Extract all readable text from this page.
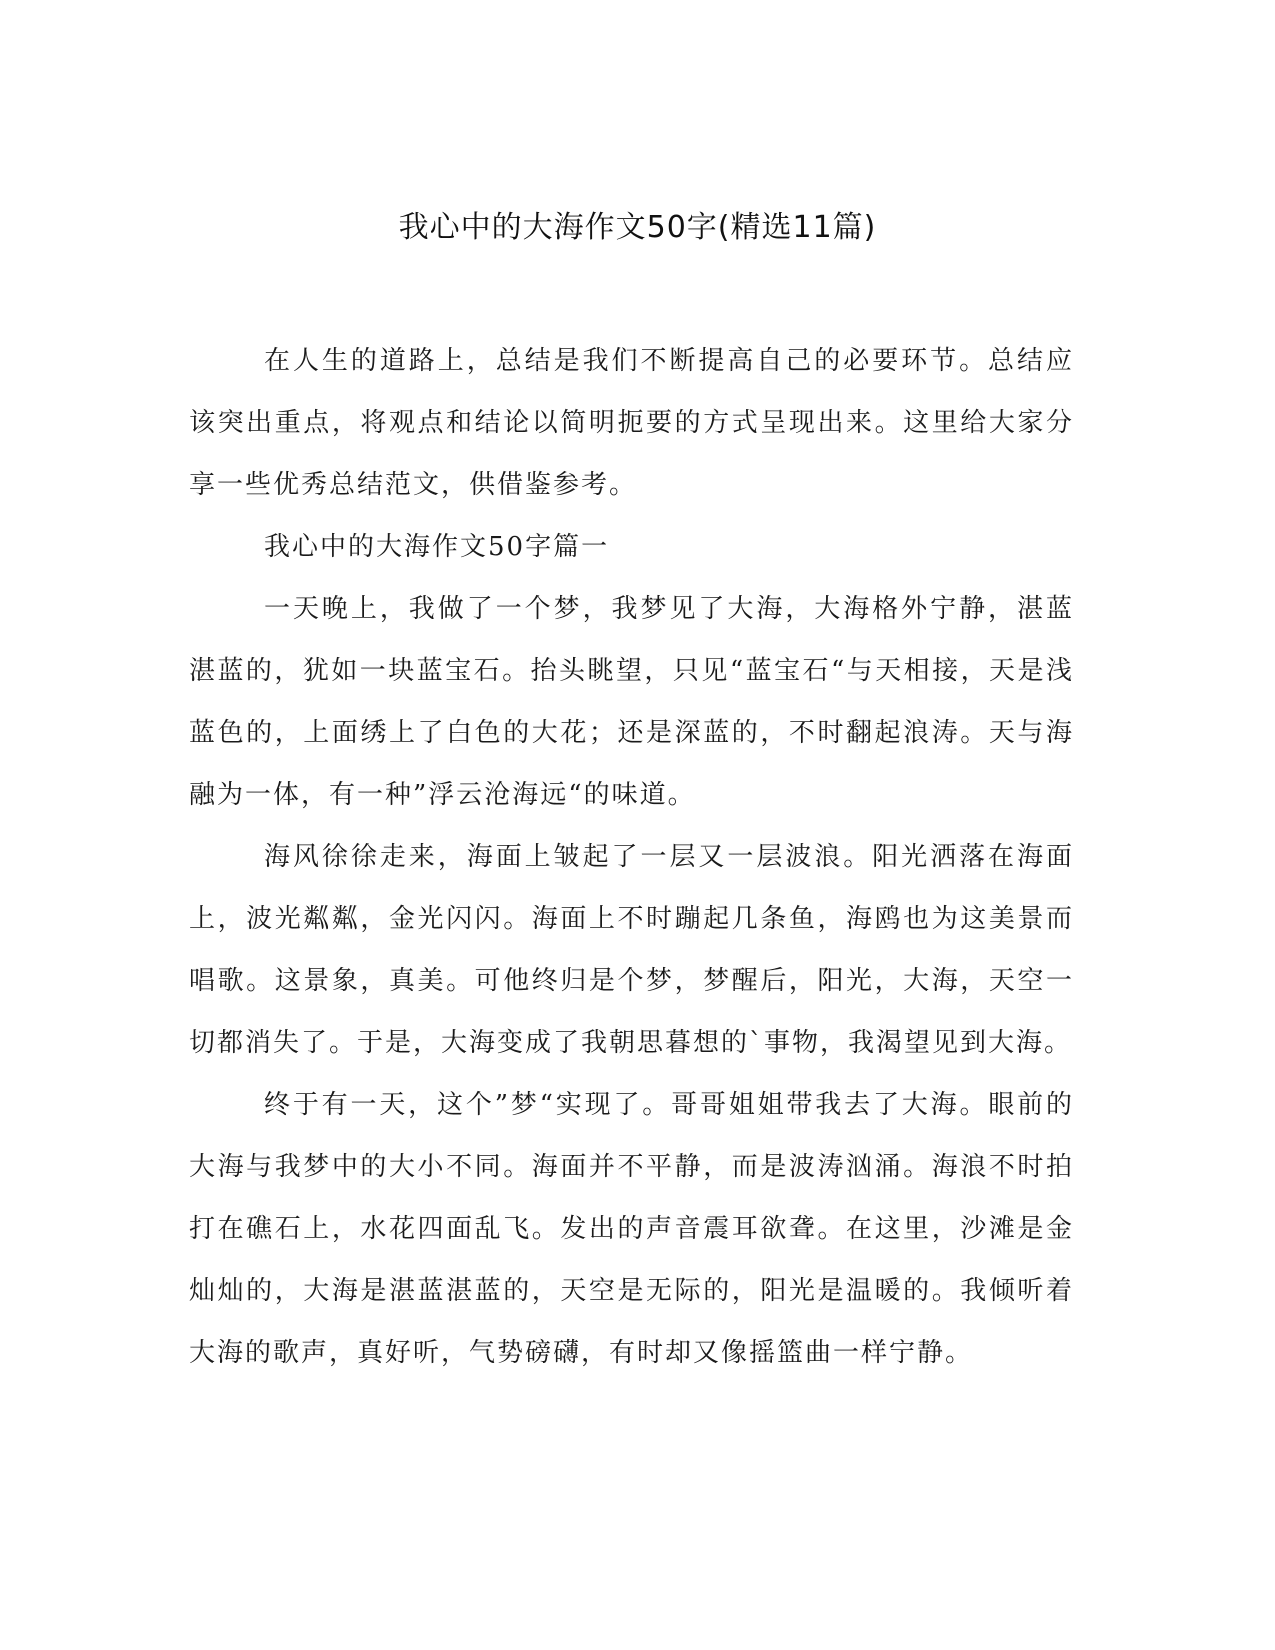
我心中的大海作文50字(精选11篇)

在人生的道路上，总结是我们不断提高自己的必要环节。总结应该突出重点，将观点和结论以简明扼要的方式呈现出来。这里给大家分享一些优秀总结范文，供借鉴参考。

我心中的大海作文50字篇一

一天晚上，我做了一个梦，我梦见了大海，大海格外宁静，湛蓝湛蓝的，犹如一块蓝宝石。抬头眺望，只见“蓝宝石“与天相接，天是浅蓝色的，上面绣上了白色的大花；还是深蓝的，不时翻起浪涛。天与海融为一体，有一种”浮云沧海远“的味道。

海风徐徐走来，海面上皱起了一层又一层波浪。阳光洒落在海面上，波光粼粼，金光闪闪。海面上不时蹦起几条鱼，海鸥也为这美景而唱歌。这景象，真美。可他终归是个梦，梦醒后，阳光，大海，天空一切都消失了。于是，大海变成了我朝思暮想的`事物，我渴望见到大海。

终于有一天，这个”梦“实现了。哥哥姐姐带我去了大海。眼前的大海与我梦中的大小不同。海面并不平静，而是波涛汹涌。海浪不时拍打在礁石上，水花四面乱飞。发出的声音震耳欲聋。在这里，沙滩是金灿灿的，大海是湛蓝湛蓝的，天空是无际的，阳光是温暖的。我倾听着大海的歌声，真好听，气势磅礴，有时却又像摇篮曲一样宁静。
